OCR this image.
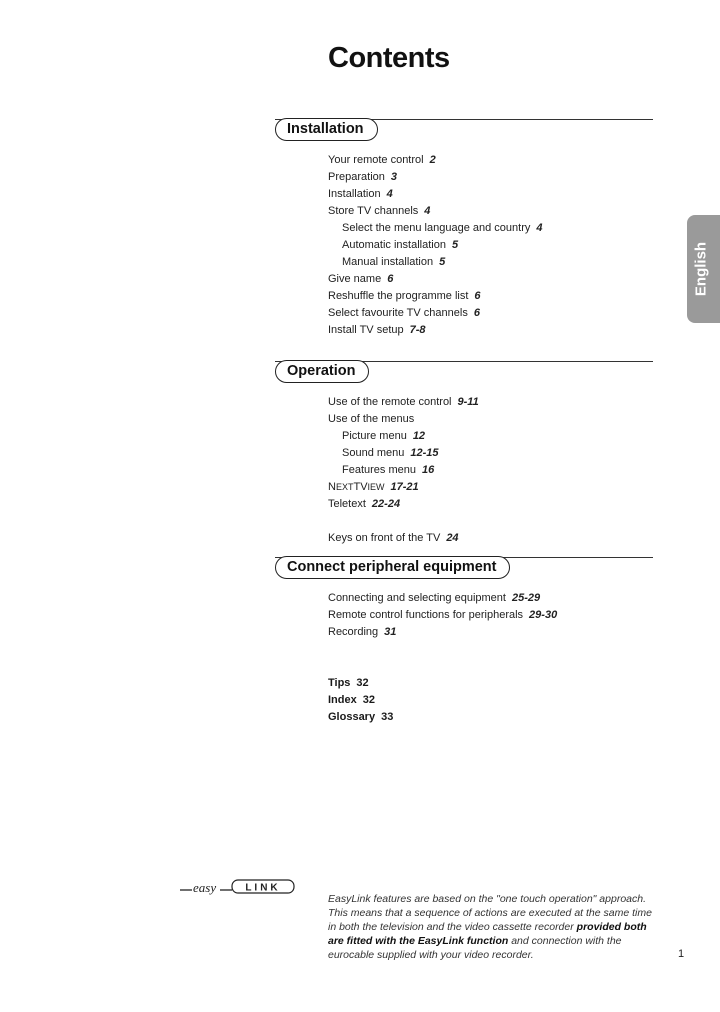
Contents
English
Installation
Your remote control 2
Preparation 3
Installation 4
Store TV channels 4
Select the menu language and country 4
Automatic installation 5
Manual installation 5
Give name 6
Reshuffle the programme list 6
Select favourite TV channels 6
Install TV setup 7-8
Operation
Use of the remote control 9-11
Use of the menus
Picture menu 12
Sound menu 12-15
Features menu 16
NEXTTVIEW 17-21
Teletext 22-24
Keys on front of the TV 24
Connect peripheral equipment
Connecting and selecting equipment 25-29
Remote control functions for peripherals 29-30
Recording 31
Tips 32
Index 32
Glossary 33
easy	LINK

EasyLink features are based on the "one touch operation" approach. This means that a sequence of actions are executed at the same time in both the television and the video cassette recorder provided both are fitted with the EasyLink function and connection with the eurocable supplied with your video recorder.	1
